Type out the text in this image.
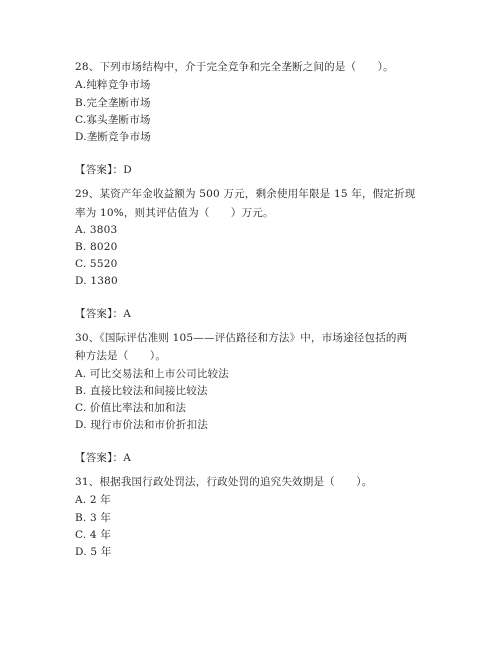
28、下列市场结构中，介于完全竞争和完全垄断之间的是（　　）。
A.纯粹竞争市场
B.完全垄断市场
C.寡头垄断市场
D.垄断竞争市场
【答案】：D
29、某资产年金收益额为 500 万元，剩余使用年限是 15 年，假定折现
率为 10%，则其评估值为（　　）万元。
A. 3803
B. 8020
C. 5520
D. 1380
【答案】：A
30、《国际评估准则 105——评估路径和方法》中，市场途径包括的两
种方法是（　　）。
A. 可比交易法和上市公司比较法
B. 直接比较法和间接比较法
C. 价值比率法和加和法
D. 现行市价法和市价折扣法
【答案】：A
31、根据我国行政处罚法，行政处罚的追究失效期是（　　）。
A. 2 年
B. 3 年
C. 4 年
D. 5 年
